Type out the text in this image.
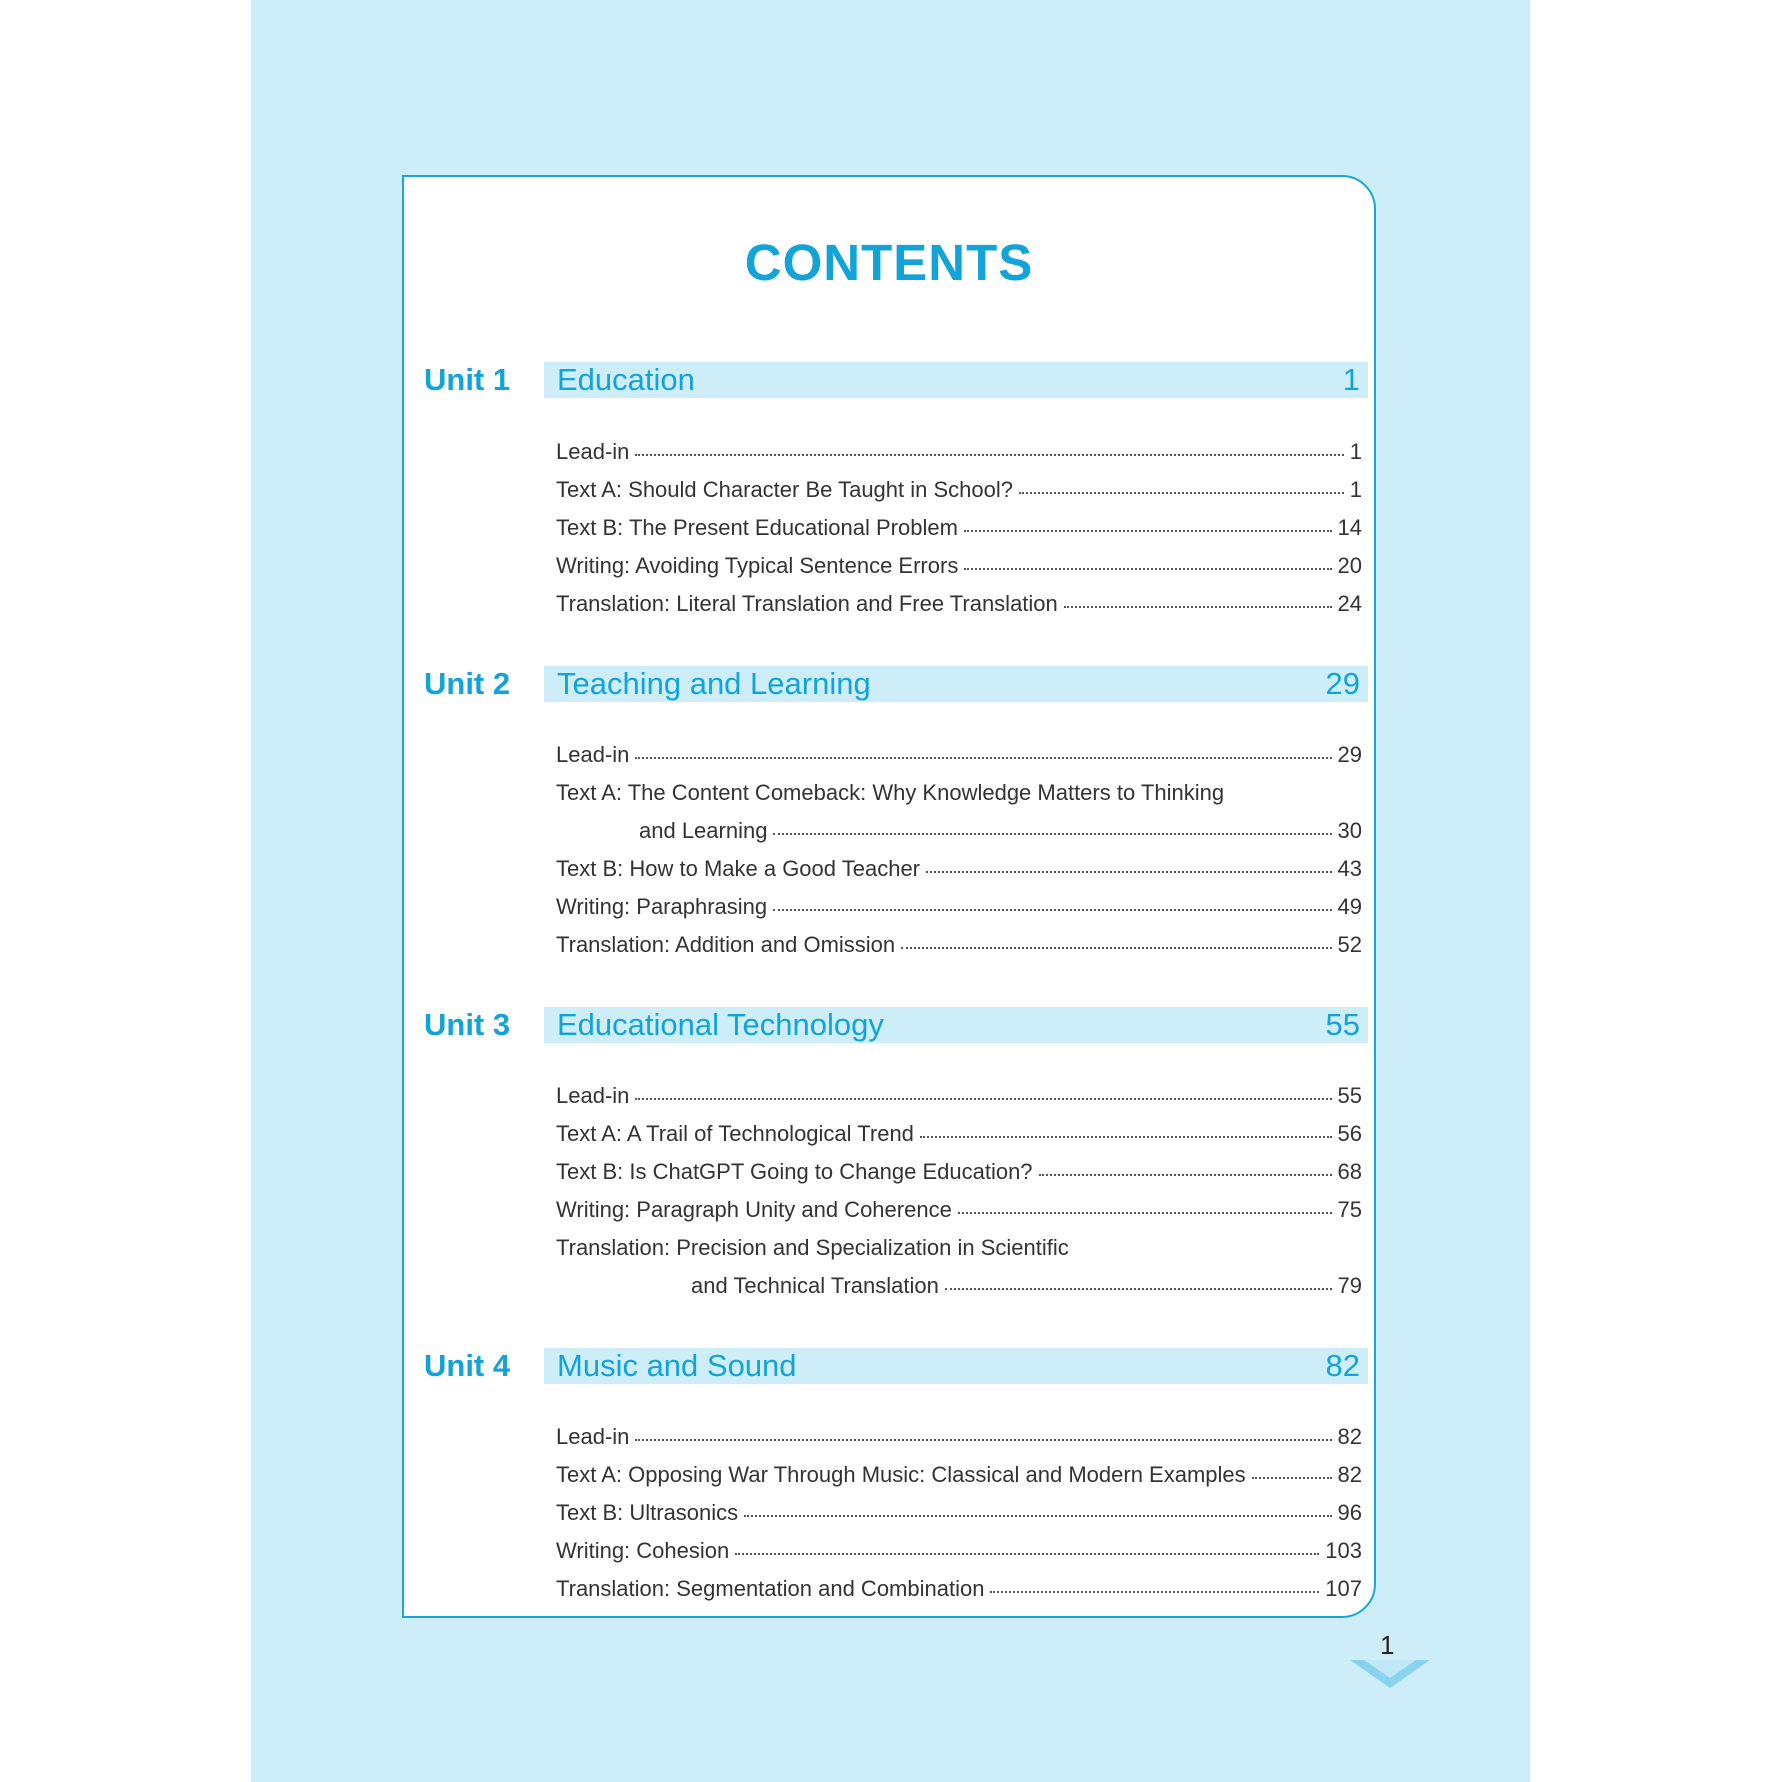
CONTENTS
Unit 1 Education	1
Lead-in	1
Text A: Should Character Be Taught in School?	1
Text B: The Present Educational Problem	14
Writing: Avoiding Typical Sentence Errors	20
Translation: Literal Translation and Free Translation	24
Unit 2 Teaching and Learning	29
Lead-in	29
Text A: The Content Comeback: Why Knowledge Matters to Thinking
and Learning	30
Text B: How to Make a Good Teacher	43
Writing: Paraphrasing	49
Translation: Addition and Omission	52
Unit 3 Educational Technology	55
Lead-in	55
Text A: A Trail of Technological Trend	56
Text B: Is ChatGPT Going to Change Education?	68
Writing: Paragraph Unity and Coherence	75
Translation: Precision and Specialization in Scientific
and Technical Translation	79
Unit 4 Music and Sound	82
Lead-in	82
Text A: Opposing War Through Music: Classical and Modern Examples	82
Text B: Ultrasonics	96
Writing: Cohesion	103
Translation: Segmentation and Combination	107
1
